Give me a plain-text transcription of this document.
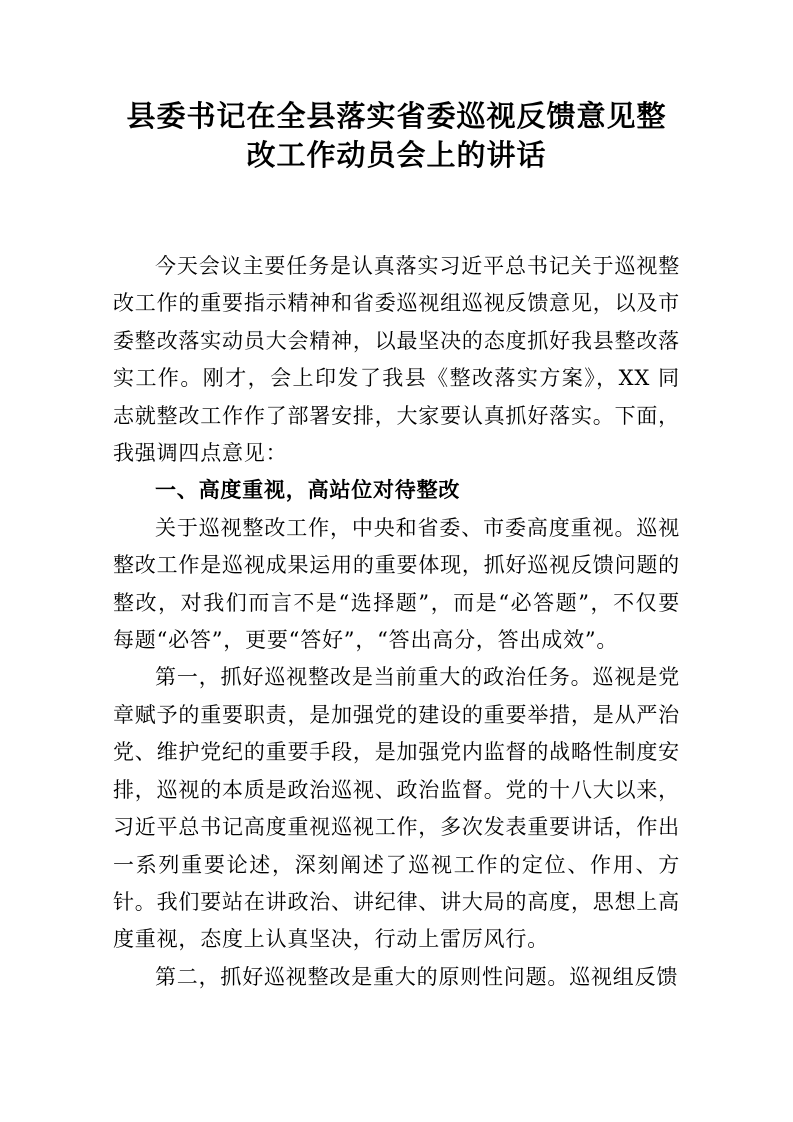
县委书记在全县落实省委巡视反馈意见整改工作动员会上的讲话

今天会议主要任务是认真落实习近平总书记关于巡视整改工作的重要指示精神和省委巡视组巡视反馈意见，以及市委整改落实动员大会精神，以最坚决的态度抓好我县整改落实工作。刚才，会上印发了我县《整改落实方案》，XX 同志就整改工作作了部署安排，大家要认真抓好落实。下面，我强调四点意见：

一、高度重视，高站位对待整改

关于巡视整改工作，中央和省委、市委高度重视。巡视整改工作是巡视成果运用的重要体现，抓好巡视反馈问题的整改，对我们而言不是“选择题”，而是“必答题”，不仅要每题“必答”，更要“答好”，“答出高分，答出成效”。

第一，抓好巡视整改是当前重大的政治任务。巡视是党章赋予的重要职责，是加强党的建设的重要举措，是从严治党、维护党纪的重要手段，是加强党内监督的战略性制度安排，巡视的本质是政治巡视、政治监督。党的十八大以来，习近平总书记高度重视巡视工作，多次发表重要讲话，作出一系列重要论述，深刻阐述了巡视工作的定位、作用、方针。我们要站在讲政治、讲纪律、讲大局的高度，思想上高度重视，态度上认真坚决，行动上雷厉风行。

第二，抓好巡视整改是重大的原则性问题。巡视组反馈
